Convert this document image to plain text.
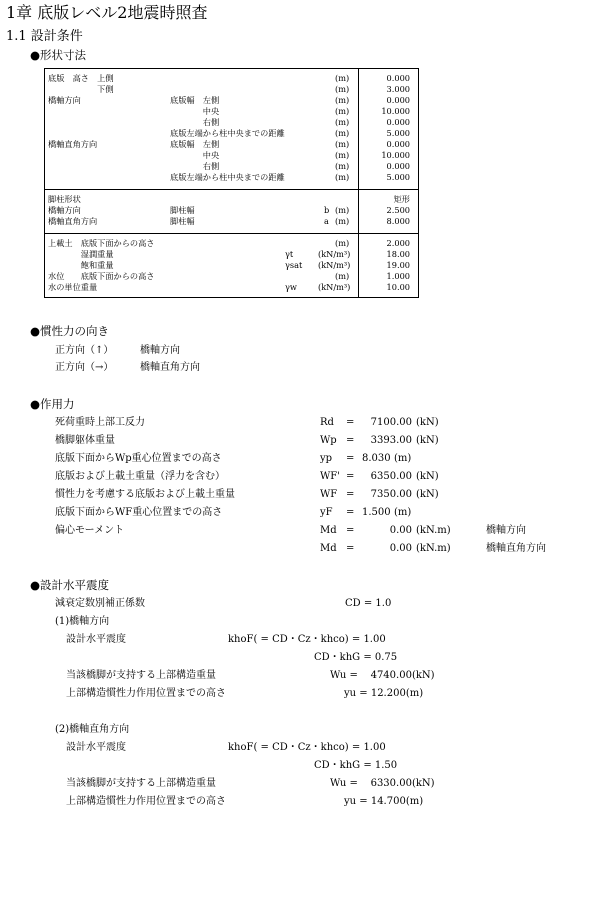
1章 底版レベル2地震時照査
1.1 設計条件
●形状寸法
底版　高さ　上側	(m)	0.000
　　　　　　下側	(m)	3.000
橋軸方向	底版幅　左側	(m)	0.000
　　　　中央	(m)	10.000
　　　　右側	(m)	0.000
底版左端から柱中央までの距離	(m)	5.000
橋軸直角方向	底版幅　左側	(m)	0.000
　　　　中央	(m)	10.000
　　　　右側	(m)	0.000
底版左端から柱中央までの距離	(m)	5.000
脚柱形状	矩形
橋軸方向	脚柱幅	b (m)	2.500
橋軸直角方向	脚柱幅	a (m)	8.000
上載土　底版下面からの高さ	(m)	2.000
　　　　湿潤重量	γt	(kN/m³)	18.00
　　　　飽和重量	γsat (kN/m³)	19.00
水位　　底版下面からの高さ	(m)	1.000
水の単位重量	γw	(kN/m³)	10.00
●慣性力の向き
正方向（↑）	橋軸方向
正方向（→）	橋軸直角方向
●作用力
死荷重時上部工反力	Rd =	7100.00 (kN)
橋脚躯体重量	Wp =	3393.00 (kN)
底版下面からWp重心位置までの高さ	yp = 8.030 (m)
底版および上載土重量（浮力を含む）	WF' =	6350.00 (kN)
慣性力を考慮する底版および上載土重量	WF =	7350.00 (kN)
底版下面からWF重心位置までの高さ	yF = 1.500 (m)
偏心モーメント	Md =	0.00 (kN.m)	橋軸方向
Md =	0.00 (kN.m)	橋軸直角方向
●設計水平震度
減衰定数別補正係数	CD = 1.0
(1)橋軸方向
設計水平震度	khoF( = CD・Cz・khco) = 1.00
CD・khG = 0.75
当該橋脚が支持する上部構造重量	Wu =    4740.00(kN)
上部構造慣性力作用位置までの高さ	yu = 12.200(m)
(2)橋軸直角方向
設計水平震度	khoF( = CD・Cz・khco) = 1.00
CD・khG = 1.50
当該橋脚が支持する上部構造重量	Wu =    6330.00(kN)
上部構造慣性力作用位置までの高さ	yu = 14.700(m)
